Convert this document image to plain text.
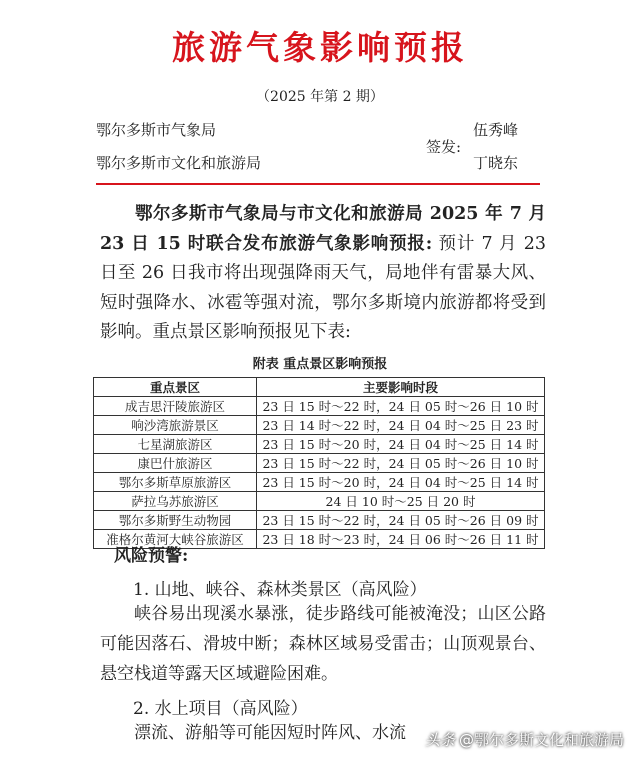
旅游气象影响预报
（2025 年第 2 期）
鄂尔多斯市气象局
鄂尔多斯市文化和旅游局
签发:
伍秀峰
丁晓东

鄂尔多斯市气象局与市文化和旅游局 2025 年 7 月 23 日 15 时联合发布旅游气象影响预报: 预计 7 月 23 日至 26 日我市将出现强降雨天气，局地伴有雷暴大风、短时强降水、冰雹等强对流，鄂尔多斯境内旅游都将受到影响。重点景区影响预报见下表:

附表 重点景区影响预报
重点景区	主要影响时段
成吉思汗陵旅游区	23 日 15 时～22 时，24 日 05 时～26 日 10 时
响沙湾旅游景区	23 日 14 时～22 时，24 日 04 时～25 日 23 时
七星湖旅游区	23 日 15 时～20 时，24 日 04 时～25 日 14 时
康巴什旅游区	23 日 15 时～22 时，24 日 05 时～26 日 10 时
鄂尔多斯草原旅游区	23 日 15 时～20 时，24 日 04 时～25 日 14 时
萨拉乌苏旅游区	24 日 10 时～25 日 20 时
鄂尔多斯野生动物园	23 日 15 时～22 时，24 日 05 时～26 日 09 时
准格尔黄河大峡谷旅游区	23 日 18 时～23 时，24 日 06 时～26 日 11 时
风险预警:
1. 山地、峡谷、森林类景区（高风险）

峡谷易出现溪水暴涨，徒步路线可能被淹没；山区公路可能因落石、滑坡中断；森林区域易受雷击；山顶观景台、悬空栈道等露天区域避险困难。

2. 水上项目（高风险）

漂流、游船等可能因短时阵风、水流	头条 @鄂尔多斯文化和旅游局
